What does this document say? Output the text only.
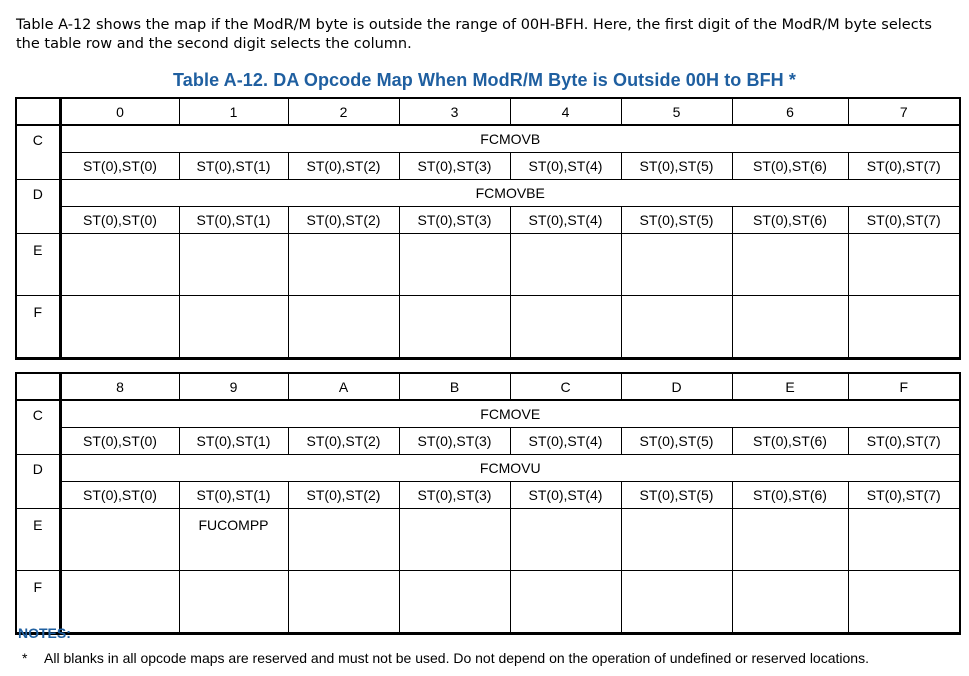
Table A-12 shows the map if the ModR/M byte is outside the range of 00H-BFH. Here, the first digit of the ModR/M byte selects the table row and the second digit selects the column.
Table A-12. DA Opcode Map When ModR/M Byte is Outside 00H to BFH *
	0	1	2	3	4	5	6	7
C	FCMOVB							
	ST(0),ST(0)	ST(0),ST(1)	ST(0),ST(2)	ST(0),ST(3)	ST(0),ST(4)	ST(0),ST(5)	ST(0),ST(6)	ST(0),ST(7)
D	FCMOVBE							
	ST(0),ST(0)	ST(0),ST(1)	ST(0),ST(2)	ST(0),ST(3)	ST(0),ST(4)	ST(0),ST(5)	ST(0),ST(6)	ST(0),ST(7)
E								
F								
	8	9	A	B	C	D	E	F
C	FCMOVE							
	ST(0),ST(0)	ST(0),ST(1)	ST(0),ST(2)	ST(0),ST(3)	ST(0),ST(4)	ST(0),ST(5)	ST(0),ST(6)	ST(0),ST(7)
D	FCMOVU							
	ST(0),ST(0)	ST(0),ST(1)	ST(0),ST(2)	ST(0),ST(3)	ST(0),ST(4)	ST(0),ST(5)	ST(0),ST(6)	ST(0),ST(7)
E		FUCOMPP						
F								
NOTES:
* All blanks in all opcode maps are reserved and must not be used. Do not depend on the operation of undefined or reserved locations.
